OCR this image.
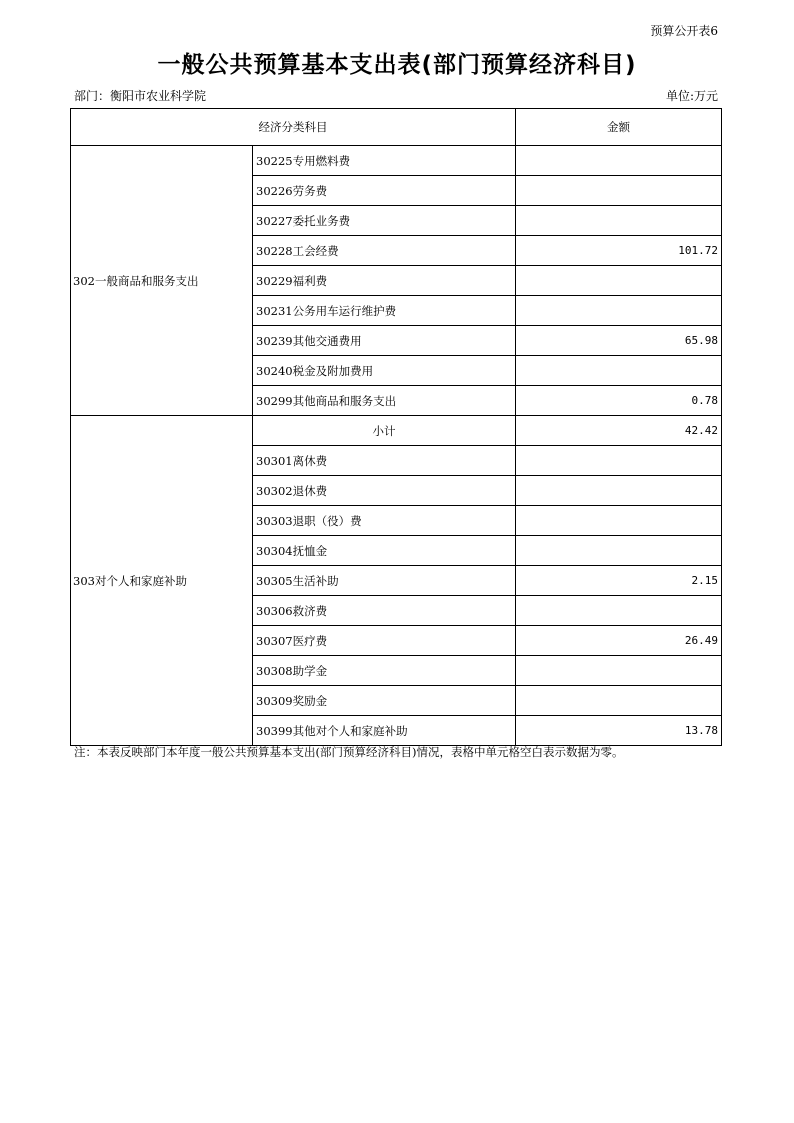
预算公开表6
一般公共预算基本支出表(部门预算经济科目)
部门：衡阳市农业科学院	单位:万元
经济分类科目		金额
302一般商品和服务支出	30225专用燃料费	
	30226劳务费	
	30227委托业务费	
	30228工会经费	101.72
	30229福利费	
	30231公务用车运行维护费	
	30239其他交通费用	65.98
	30240税金及附加费用	
	30299其他商品和服务支出	0.78
303对个人和家庭补助	小计	42.42
	30301离休费	
	30302退休费	
	30303退职（役）费	
	30304抚恤金	
	30305生活补助	2.15
	30306救济费	
	30307医疗费	26.49
	30308助学金	
	30309奖励金	
	30399其他对个人和家庭补助	13.78
注：本表反映部门本年度一般公共预算基本支出(部门预算经济科目)情况，表格中单元格空白表示数据为零。
